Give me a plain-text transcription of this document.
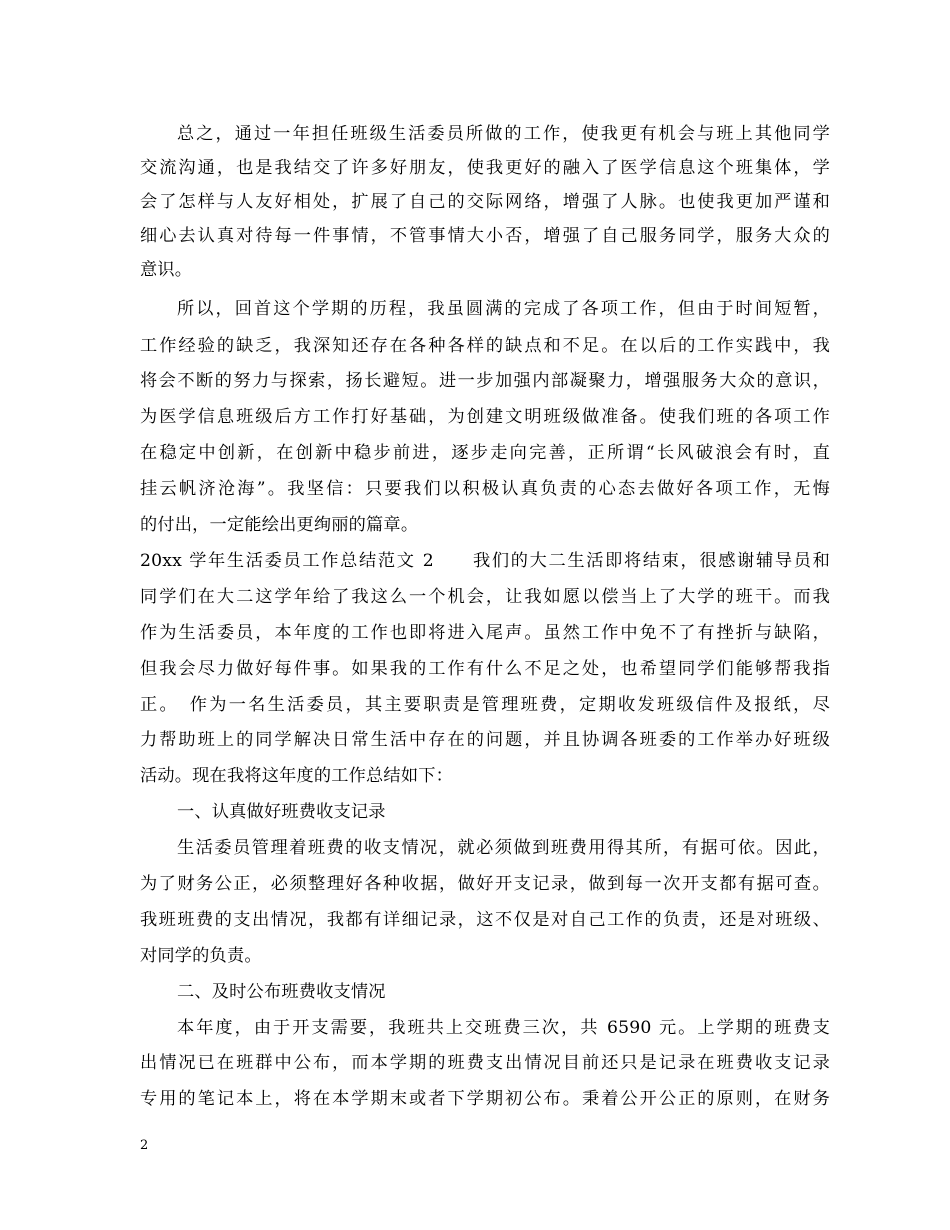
总之，通过一年担任班级生活委员所做的工作，使我更有机会与班上其他同学
交流沟通，也是我结交了许多好朋友，使我更好的融入了医学信息这个班集体，学
会了怎样与人友好相处，扩展了自己的交际网络，增强了人脉。也使我更加严谨和
细心去认真对待每一件事情，不管事情大小否，增强了自己服务同学，服务大众的
意识。
所以，回首这个学期的历程，我虽圆满的完成了各项工作，但由于时间短暂，
工作经验的缺乏，我深知还存在各种各样的缺点和不足。在以后的工作实践中，我
将会不断的努力与探索，扬长避短。进一步加强内部凝聚力，增强服务大众的意识，
为医学信息班级后方工作打好基础，为创建文明班级做准备。使我们班的各项工作
在稳定中创新，在创新中稳步前进，逐步走向完善，正所谓“长风破浪会有时，直
挂云帆济沧海”。我坚信：只要我们以积极认真负责的心态去做好各项工作，无悔
的付出，一定能绘出更绚丽的篇章。
20xx 学年生活委员工作总结范文 2　　我们的大二生活即将结束，很感谢辅导员和
同学们在大二这学年给了我这么一个机会，让我如愿以偿当上了大学的班干。而我
作为生活委员，本年度的工作也即将进入尾声。虽然工作中免不了有挫折与缺陷，
但我会尽力做好每件事。如果我的工作有什么不足之处，也希望同学们能够帮我指
正。　作为一名生活委员，其主要职责是管理班费，定期收发班级信件及报纸，尽
力帮助班上的同学解决日常生活中存在的问题，并且协调各班委的工作举办好班级
活动。现在我将这年度的工作总结如下：
一、认真做好班费收支记录
生活委员管理着班费的收支情况，就必须做到班费用得其所，有据可依。因此，
为了财务公正，必须整理好各种收据，做好开支记录，做到每一次开支都有据可查。
我班班费的支出情况，我都有详细记录，这不仅是对自己工作的负责，还是对班级、
对同学的负责。
二、及时公布班费收支情况
本年度，由于开支需要，我班共上交班费三次，共 6590 元。上学期的班费支
出情况已在班群中公布，而本学期的班费支出情况目前还只是记录在班费收支记录
专用的笔记本上，将在本学期末或者下学期初公布。秉着公开公正的原则，在财务
2
